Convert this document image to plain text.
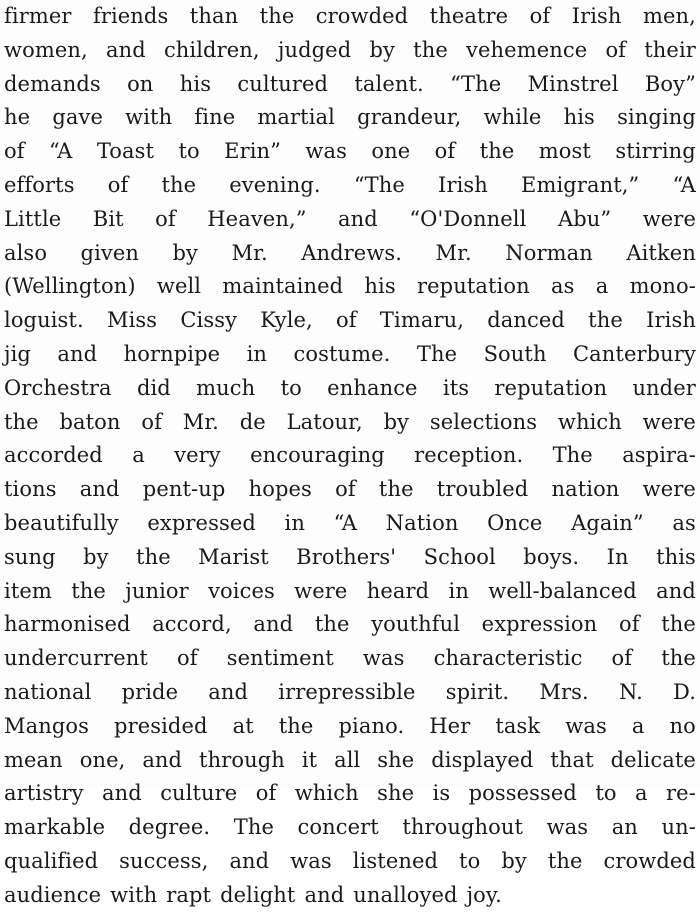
firmer friends than the crowded theatre of Irish men,
women, and children, judged by the vehemence of their
demands on his cultured talent. “The Minstrel Boy”
he gave with fine martial grandeur, while his singing
of “A Toast to Erin” was one of the most stirring
efforts of the evening. “The Irish Emigrant,” “A
Little Bit of Heaven,” and “O'Donnell Abu” were
also given by Mr. Andrews. Mr. Norman Aitken
(Wellington) well maintained his reputation as a mono-
loguist. Miss Cissy Kyle, of Timaru, danced the Irish
jig and hornpipe in costume. The South Canterbury
Orchestra did much to enhance its reputation under
the baton of Mr. de Latour, by selections which were
accorded a very encouraging reception. The aspira-
tions and pent-up hopes of the troubled nation were
beautifully expressed in “A Nation Once Again” as
sung by the Marist Brothers' School boys. In this
item the junior voices were heard in well-balanced and
harmonised accord, and the youthful expression of the
undercurrent of sentiment was characteristic of the
national pride and irrepressible spirit. Mrs. N. D.
Mangos presided at the piano. Her task was a no
mean one, and through it all she displayed that delicate
artistry and culture of which she is possessed to a re-
markable degree. The concert throughout was an un-
qualified success, and was listened to by the crowded
audience with rapt delight and unalloyed joy.
